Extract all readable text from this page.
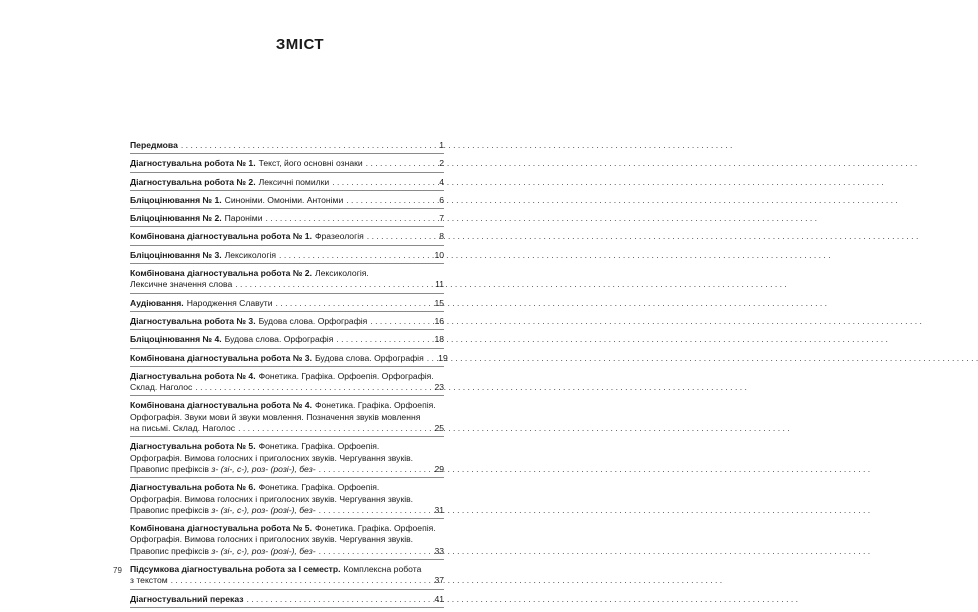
ЗМІСТ
Передмова . . .	1
Діагностувальна робота № 1. Текст, його основні ознаки . . .	2
Діагностувальна робота № 2. Лексичні помилки . . .	4
Бліцоцінювання № 1. Синоніми. Омоніми. Антоніми . . .	6
Бліцоцінювання № 2. Пароніми . . .	7
Комбінована діагностувальна робота № 1. Фразеологія . . .	8
Бліцоцінювання № 3. Лексикологія . . .	10
Комбінована діагностувальна робота № 2. Лексикологія.
Лексичне значення слова . . .	11
Аудіювання. Народження Славути . . .	15
Діагностувальна робота № 3. Будова слова. Орфографія . . .	16
Бліцоцінювання № 4. Будова слова. Орфографія . . .	18
Комбінована діагностувальна робота № 3. Будова слова. Орфографія . . . 19
Діагностувальна робота № 4. Фонетика. Графіка. Орфоепія. Орфографія.
Склад. Наголос . . .	23
Комбінована діагностувальна робота № 4. Фонетика. Графіка. Орфоепія.
Орфографія. Звуки мови й звуки мовлення. Позначення звуків мовлення
на письмі. Склад. Наголос . . .	25
Діагностувальна робота № 5. Фонетика. Графіка. Орфоепія.
Орфографія. Вимова голосних і приголосних звуків. Чергування звуків.
Правопис префіксів з- (зі-, с-), роз- (розі-), без- . . .	29
Діагностувальна робота № 6. Фонетика. Графіка. Орфоепія.
Орфографія. Вимова голосних і приголосних звуків. Чергування звуків.
Правопис префіксів з- (зі-, с-), роз- (розі-), без- . . .	31
Комбінована діагностувальна робота № 5. Фонетика. Графіка. Орфоепія.
Орфографія. Вимова голосних і приголосних звуків. Чергування звуків.
Правопис префіксів з- (зі-, с-), роз- (розі-), без- . . .	33
Підсумкова діагностувальна робота за І семестр. Комплексна робота
з текстом . . .	37
Діагностувальний переказ . . .	41
79
